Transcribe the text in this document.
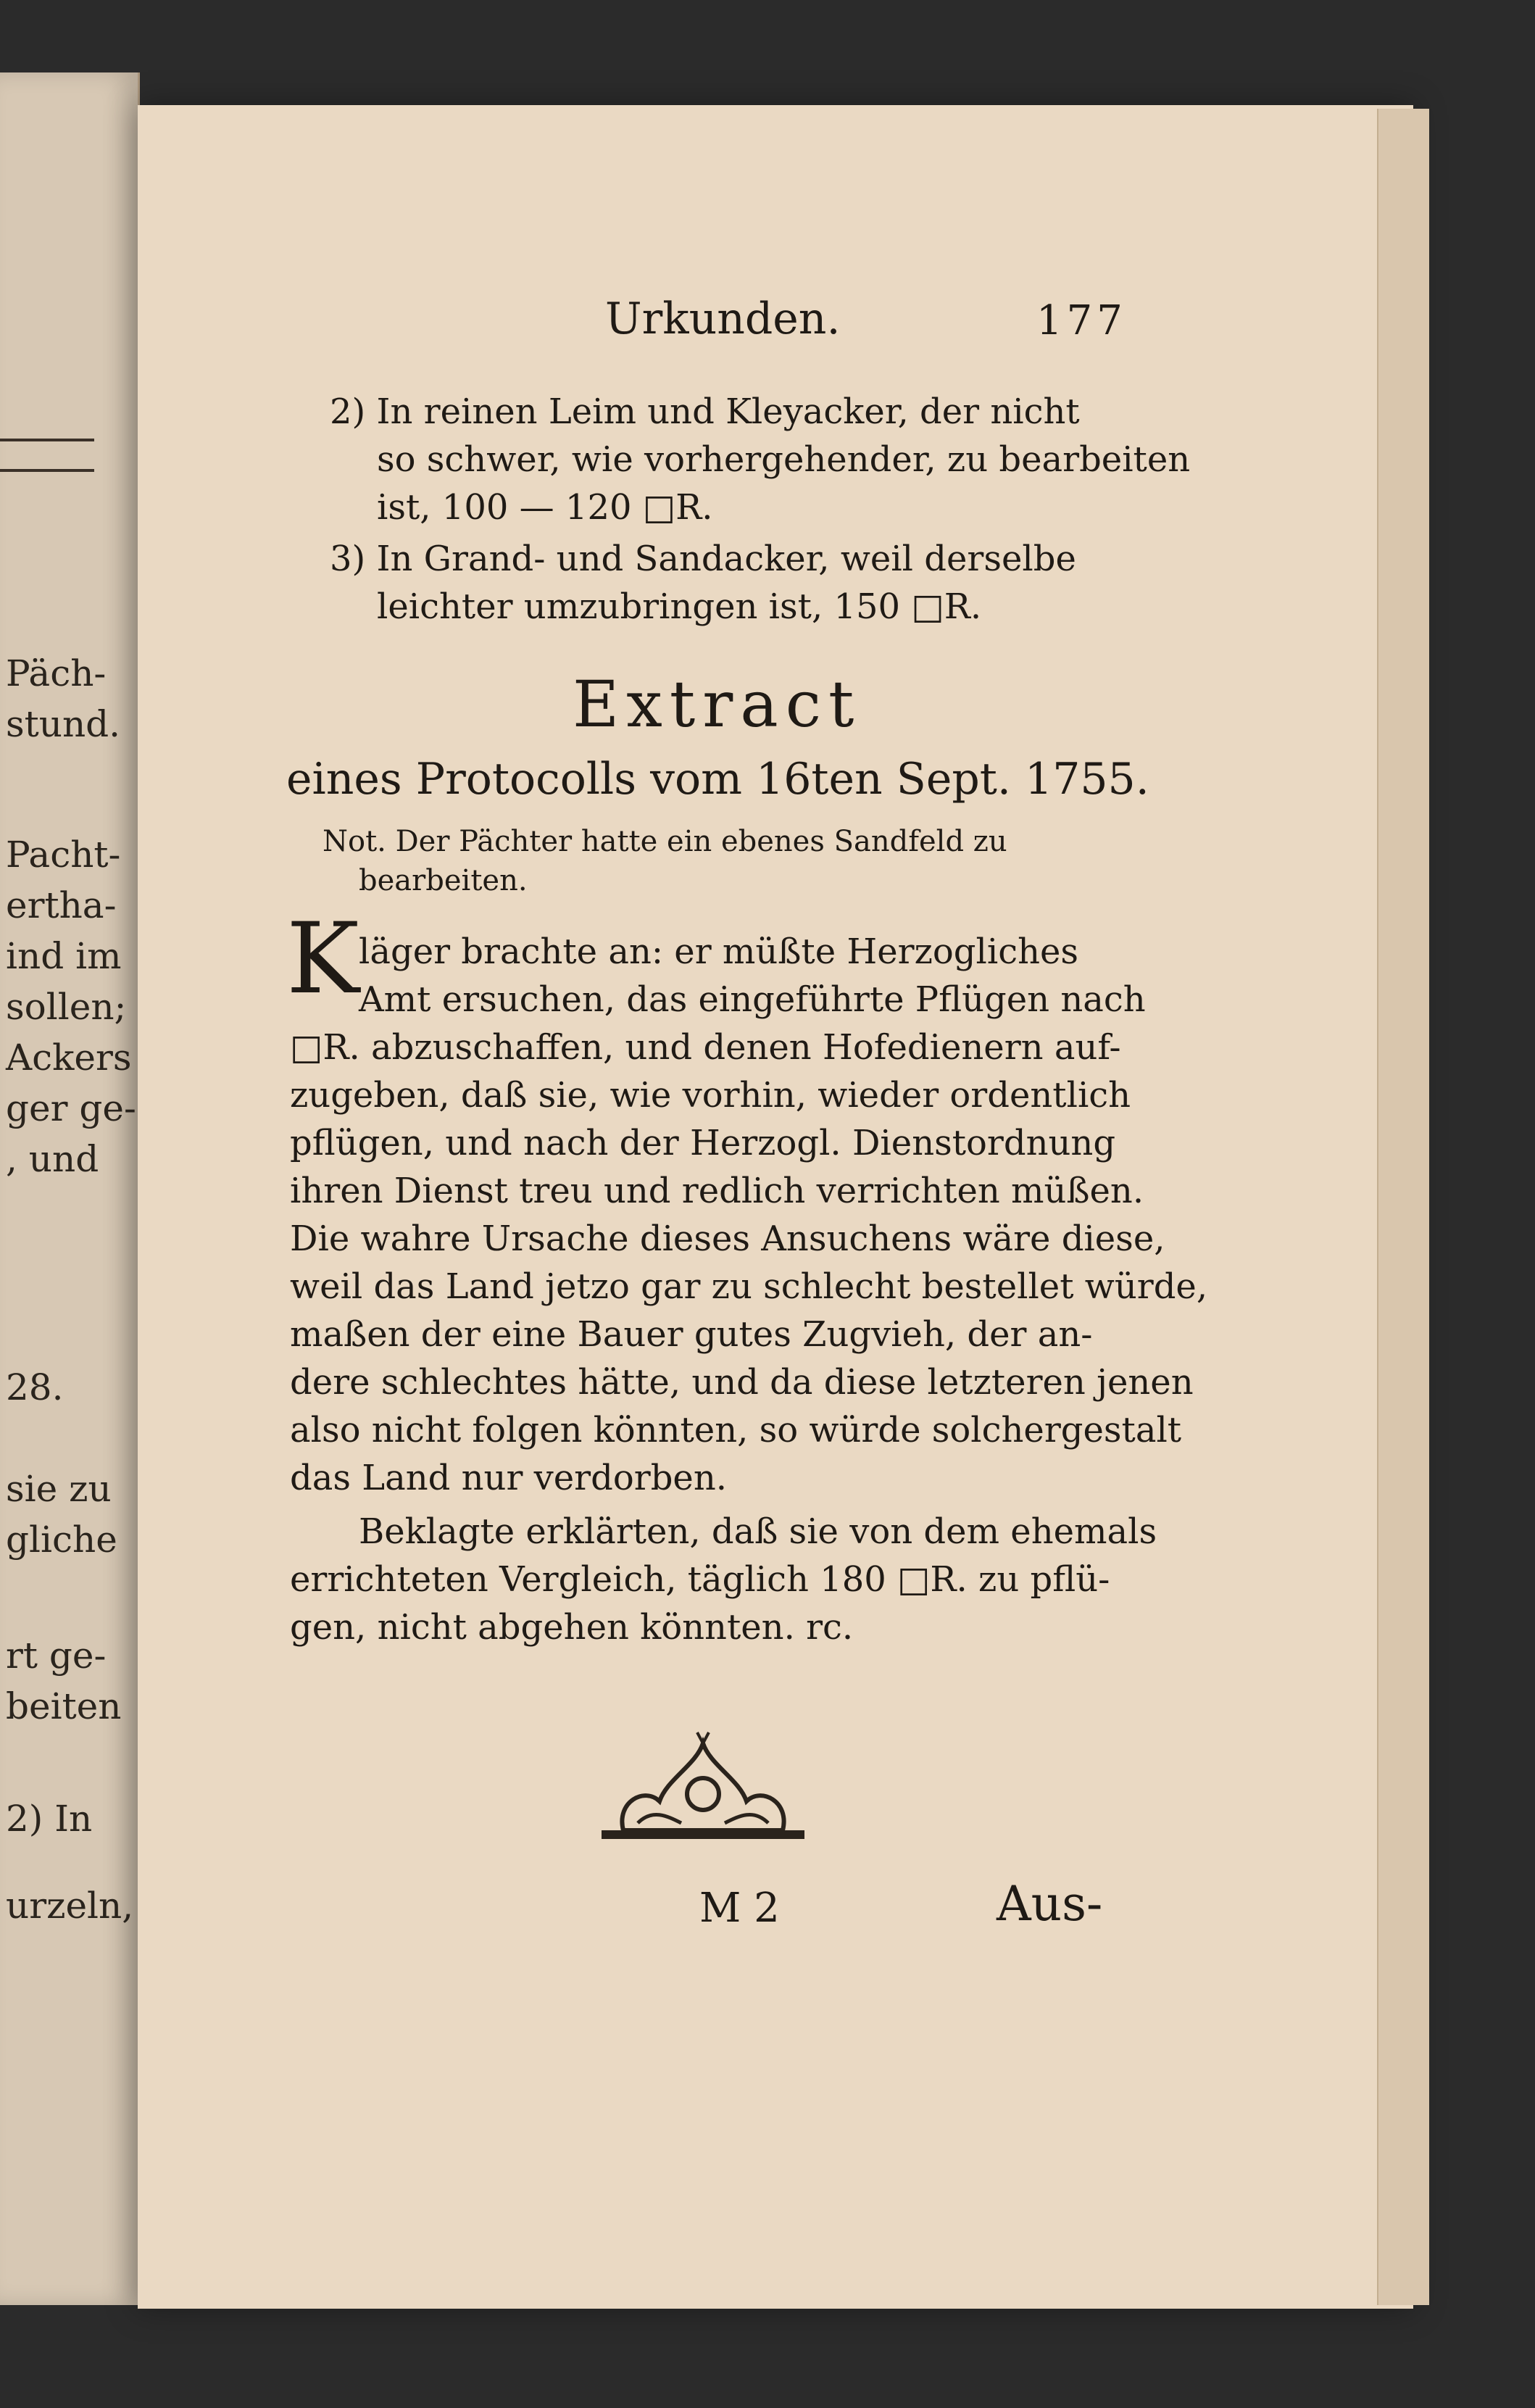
Päch-
stund.
Pacht-
ertha-
ind im
sollen;
Ackers
ger ge-
, und
28.
sie zu
gliche
rt ge-
beiten
2) In
urzeln,
Urkunden.	177
2) In reinen Leim und Kleyacker, der nicht
so schwer, wie vorhergehender, zu bearbeiten
ist, 100 — 120 □R.
3) In Grand- und Sandacker, weil derselbe
leichter umzubringen ist, 150 □R.
Extract
eines Protocolls vom 16ten Sept. 1755.
Not. Der Pächter hatte ein ebenes Sandfeld zu
bearbeiten.
K läger brachte an: er müßte Herzogliches
Amt ersuchen, das eingeführte Pflügen nach
□R. abzuschaffen, und denen Hofedienern auf-
zugeben, daß sie, wie vorhin, wieder ordentlich
pflügen, und nach der Herzogl. Dienstordnung
ihren Dienst treu und redlich verrichten müßen.
Die wahre Ursache dieses Ansuchens wäre diese,
weil das Land jetzo gar zu schlecht bestellet würde,
maßen der eine Bauer gutes Zugvieh, der an-
dere schlechtes hätte, und da diese letzteren jenen
also nicht folgen könnten, so würde solchergestalt
das Land nur verdorben.
Beklagte erklärten, daß sie von dem ehemals
errichteten Vergleich, täglich 180 □R. zu pflü-
gen, nicht abgehen könnten. rc.
M 2	Aus-
